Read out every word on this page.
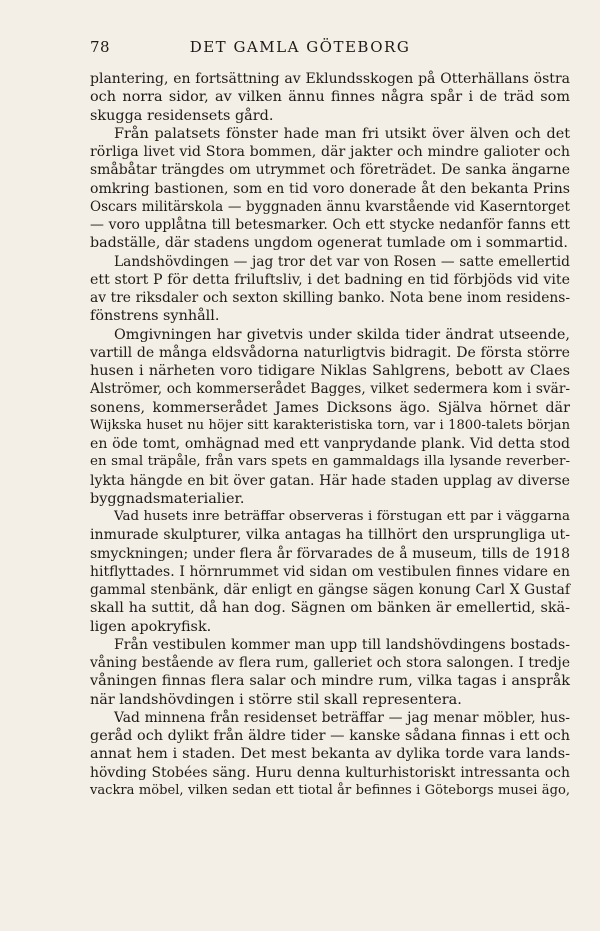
DET GAMLA GÖTEBORG
78
plantering, en fortsättning av Eklundsskogen på Otterhällans östra
och norra sidor, av vilken ännu finnes några spår i de träd som
skugga residensets gård.
Från palatsets fönster hade man fri utsikt över älven och det
rörliga livet vid Stora bommen, där jakter och mindre galioter och
småbåtar trängdes om utrymmet och företrädet. De sanka ängarne
omkring bastionen, som en tid voro donerade åt den bekanta Prins
Oscars militärskola — byggnaden ännu kvarstående vid Kaserntorget
— voro upplåtna till betesmarker. Och ett stycke nedanför fanns ett
badställe, där stadens ungdom ogenerat tumlade om i sommartid.
Landshövdingen — jag tror det var von Rosen — satte emellertid
ett stort P för detta friluftsliv, i det badning en tid förbjöds vid vite
av tre riksdaler och sexton skilling banko. Nota bene inom residens-
fönstrens synhåll.
Omgivningen har givetvis under skilda tider ändrat utseende,
vartill de många eldsvådorna naturligtvis bidragit. De första större
husen i närheten voro tidigare Niklas Sahlgrens, bebott av Claes
Alströmer, och kommerserådet Bagges, vilket sedermera kom i svär-
sonens, kommerserådet James Dicksons ägo. Själva hörnet där
Wijkska huset nu höjer sitt karakteristiska torn, var i 1800-talets början
en öde tomt, omhägnad med ett vanprydande plank. Vid detta stod
en smal träpåle, från vars spets en gammaldags illa lysande reverber-
lykta hängde en bit över gatan. Här hade staden upplag av diverse
byggnadsmaterialier.
Vad husets inre beträffar observeras i förstugan ett par i väggarna
inmurade skulpturer, vilka antagas ha tillhört den ursprungliga ut-
smyckningen; under flera år förvarades de å museum, tills de 1918
hitflyttades. I hörnrummet vid sidan om vestibulen finnes vidare en
gammal stenbänk, där enligt en gängse sägen konung Carl X Gustaf
skall ha suttit, då han dog. Sägnen om bänken är emellertid, skä-
ligen apokryfisk.
Från vestibulen kommer man upp till landshövdingens bostads-
våning bestående av flera rum, galleriet och stora salongen. I tredje
våningen finnas flera salar och mindre rum, vilka tagas i anspråk
när landshövdingen i större stil skall representera.
Vad minnena från residenset beträffar — jag menar möbler, hus-
geråd och dylikt från äldre tider — kanske sådana finnas i ett och
annat hem i staden. Det mest bekanta av dylika torde vara lands-
hövding Stobées säng. Huru denna kulturhistoriskt intressanta och
vackra möbel, vilken sedan ett tiotal år befinnes i Göteborgs musei ägo,
